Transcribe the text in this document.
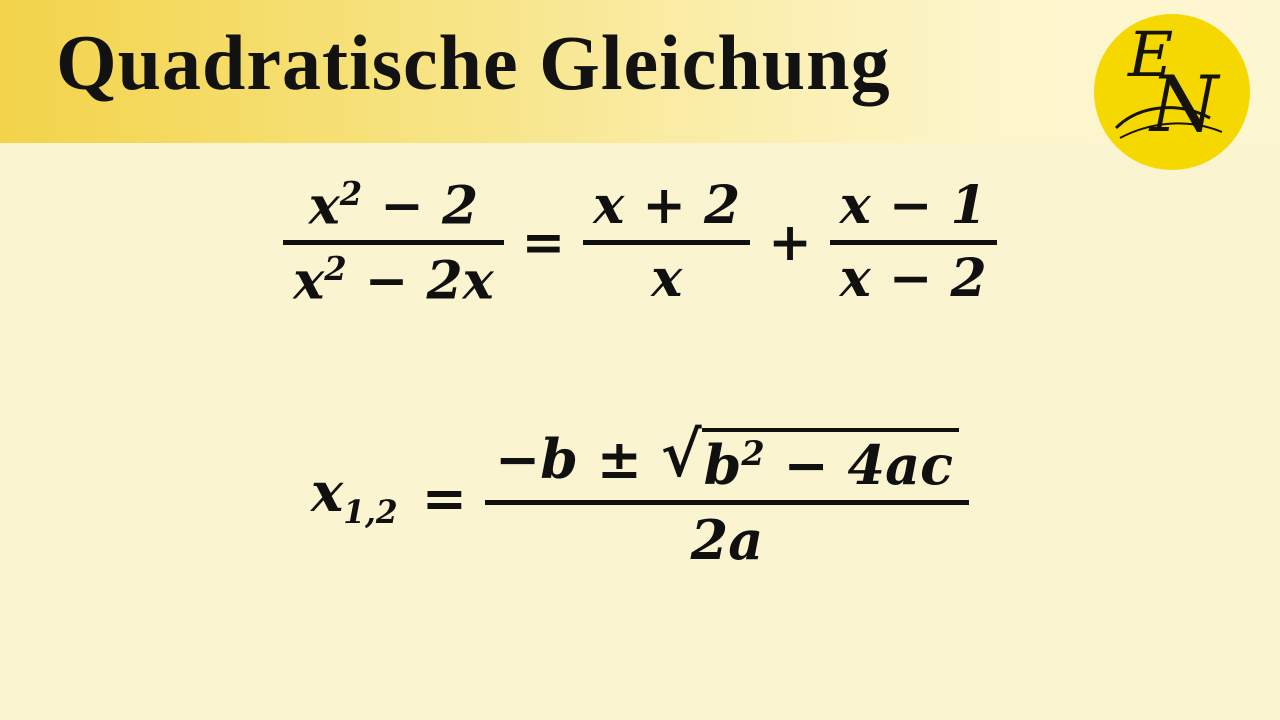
Quadratische Gleichung	E
N
$x^2 - 2$
$x^2 - 2x$
=
x + 2
x
+
x − 1
x − 2
$x_{1,2}$ =
−b ± √ $b^2 - 4ac$
2a
